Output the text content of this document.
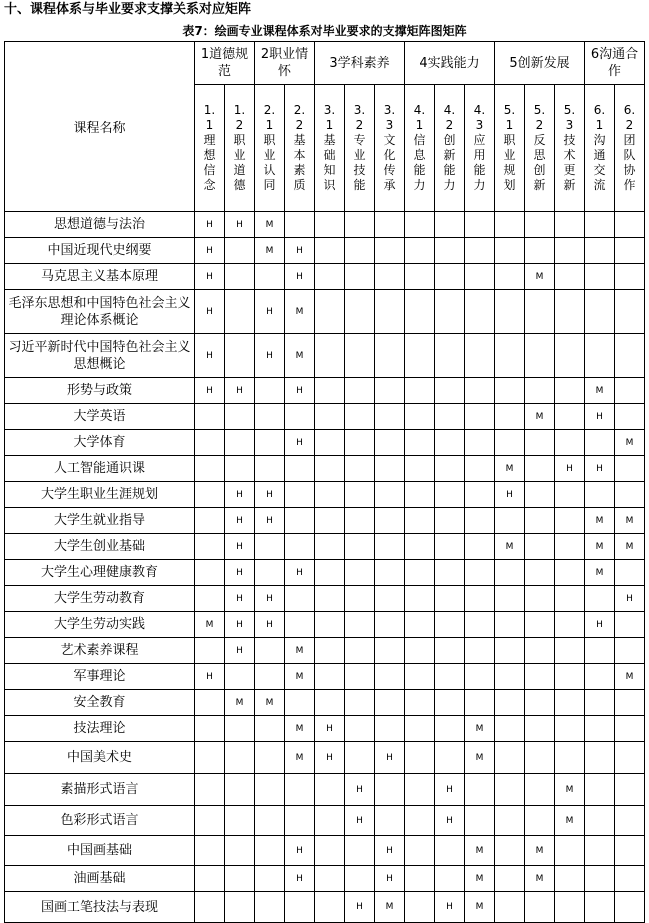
十、课程体系与毕业要求支撑关系对应矩阵
表7：绘画专业课程体系对毕业要求的支撑矩阵图矩阵
课程名称	1道德规范		2职业情怀		3学科素养			4实践能力			5创新发展			6沟通合作	

	1.1理想信念	1.2职业道德	2.1职业认同	2.2基本素质	3.1基础知识	3.2专业技能	3.3文化传承	4.1信息能力	4.2创新能力	4.3应用能力	5.1职业规划	5.2反思创新	5.3技术更新	6.1沟通交流	6.2团队协作

思想道德与法治	H	H	M												
中国近现代史纲要	H		M	H											
马克思主义基本原理	H			H								M			
毛泽东思想和中国特色社会主义理论体系概论	H		H	M											
习近平新时代中国特色社会主义思想概论	H		H	M											
形势与政策	H	H		H										M	
大学英语												M		H	
大学体育				H											M
人工智能通识课											M		H	H	
大学生职业生涯规划		H	H								H				
大学生就业指导		H	H											M	M
大学生创业基础		H									M			M	M
大学生心理健康教育		H		H										M	
大学生劳动教育		H	H												H
大学生劳动实践	M	H	H											H	
艺术素养课程		H		M											
军事理论	H			M											M
安全教育		M	M												
技法理论				M	H					M					
中国美术史				M	H		H			M					
素描形式语言						H			H				M		
色彩形式语言						H			H				M		
中国画基础				H			H			M		M			
油画基础				H			H			M		M			
国画工笔技法与表现						H	M		H	M					
